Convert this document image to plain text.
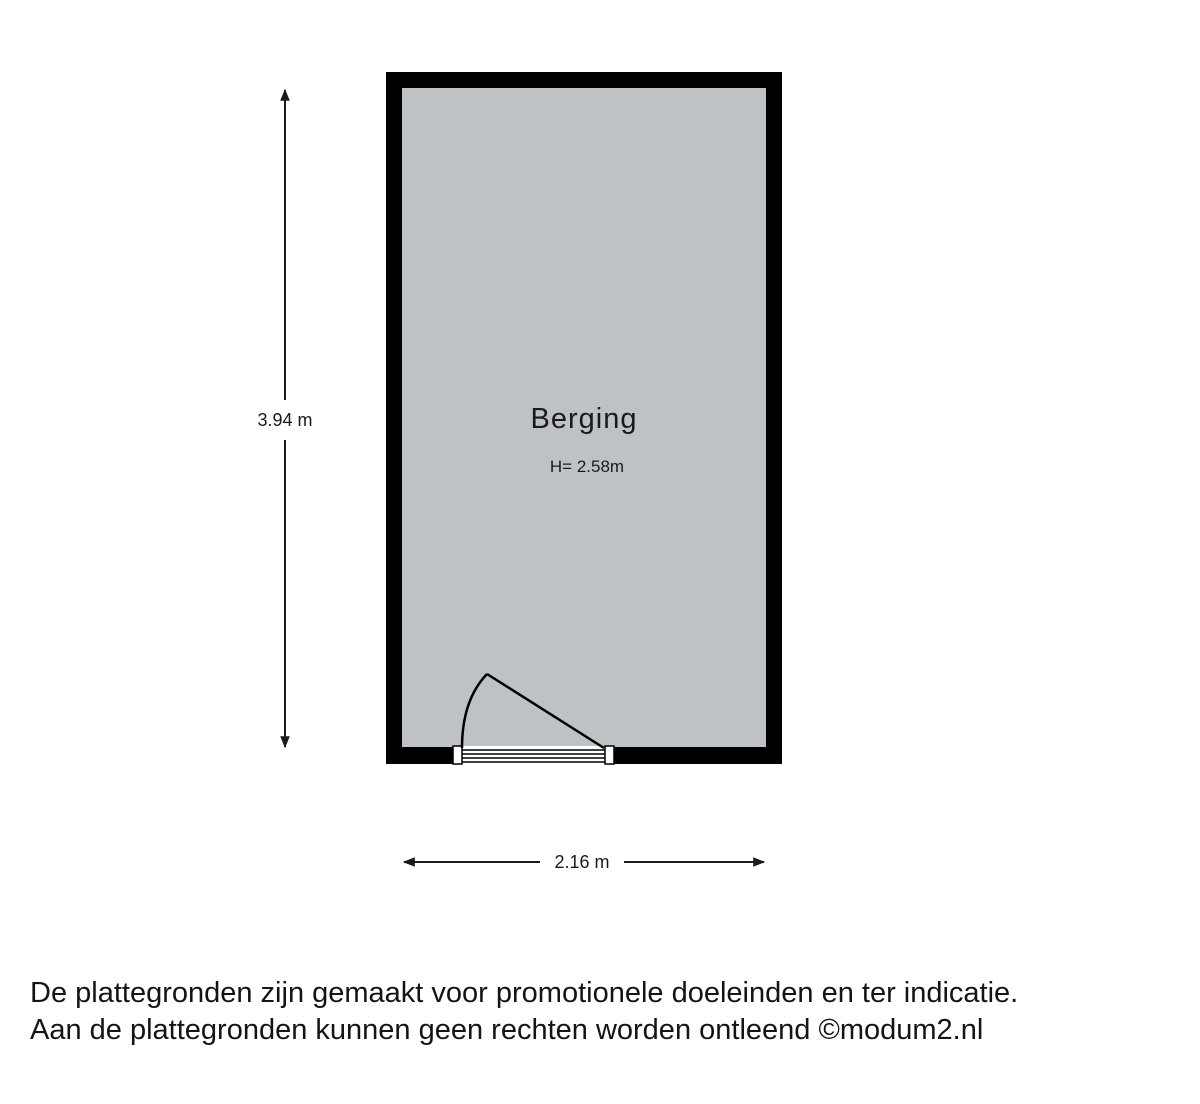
Berging
H= 2.58m
3.94 m
2.16 m
De plattegronden zijn gemaakt voor promotionele doeleinden en ter indicatie.
Aan de plattegronden kunnen geen rechten worden ontleend ©modum2.nl
